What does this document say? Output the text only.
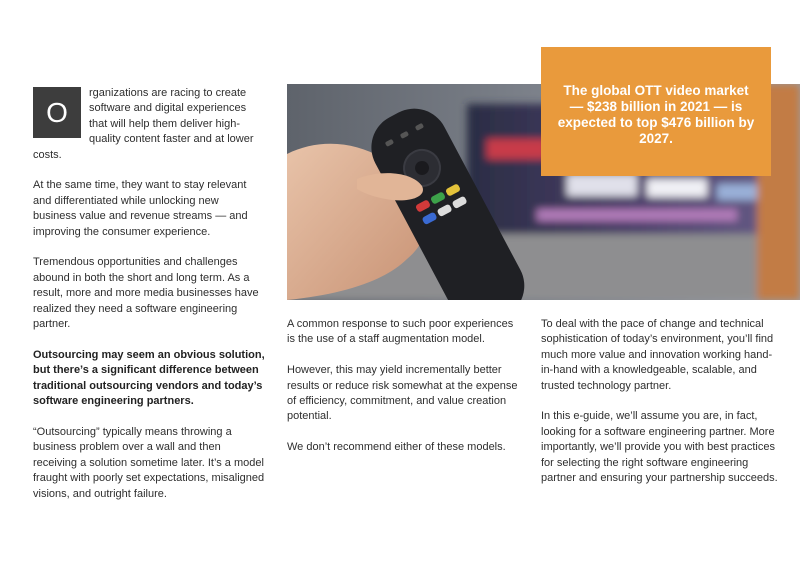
The global OTT video market — $238 billion in 2021 — is expected to top $476 billion by 2027.

O
rganizations are racing to create software and digital experiences that will help them deliver high-quality content faster and at lower costs.

At the same time, they want to stay relevant and differentiated while unlocking new business value and revenue streams — and improving the consumer experience.

Tremendous opportunities and challenges abound in both the short and long term. As a result, more and more media businesses have realized they need a software engineering partner.

Outsourcing may seem an obvious solution, but there’s a significant difference between traditional outsourcing vendors and today’s software engineering partners.

“Outsourcing” typically means throwing a business problem over a wall and then receiving a solution sometime later. It’s a model fraught with poorly set expectations, misaligned visions, and outright failure.

A common response to such poor experiences is the use of a staff augmentation model.

However, this may yield incrementally better results or reduce risk somewhat at the expense of efficiency, commitment, and value creation potential.

We don’t recommend either of these models.

To deal with the pace of change and technical sophistication of today’s environment, you’ll find much more value and innovation working hand-in-hand with a knowledgeable, scalable, and trusted technology partner.

In this e-guide, we’ll assume you are, in fact, looking for a software engineering partner. More importantly, we’ll provide you with best practices for selecting the right software engineering partner and ensuring your partnership succeeds.
